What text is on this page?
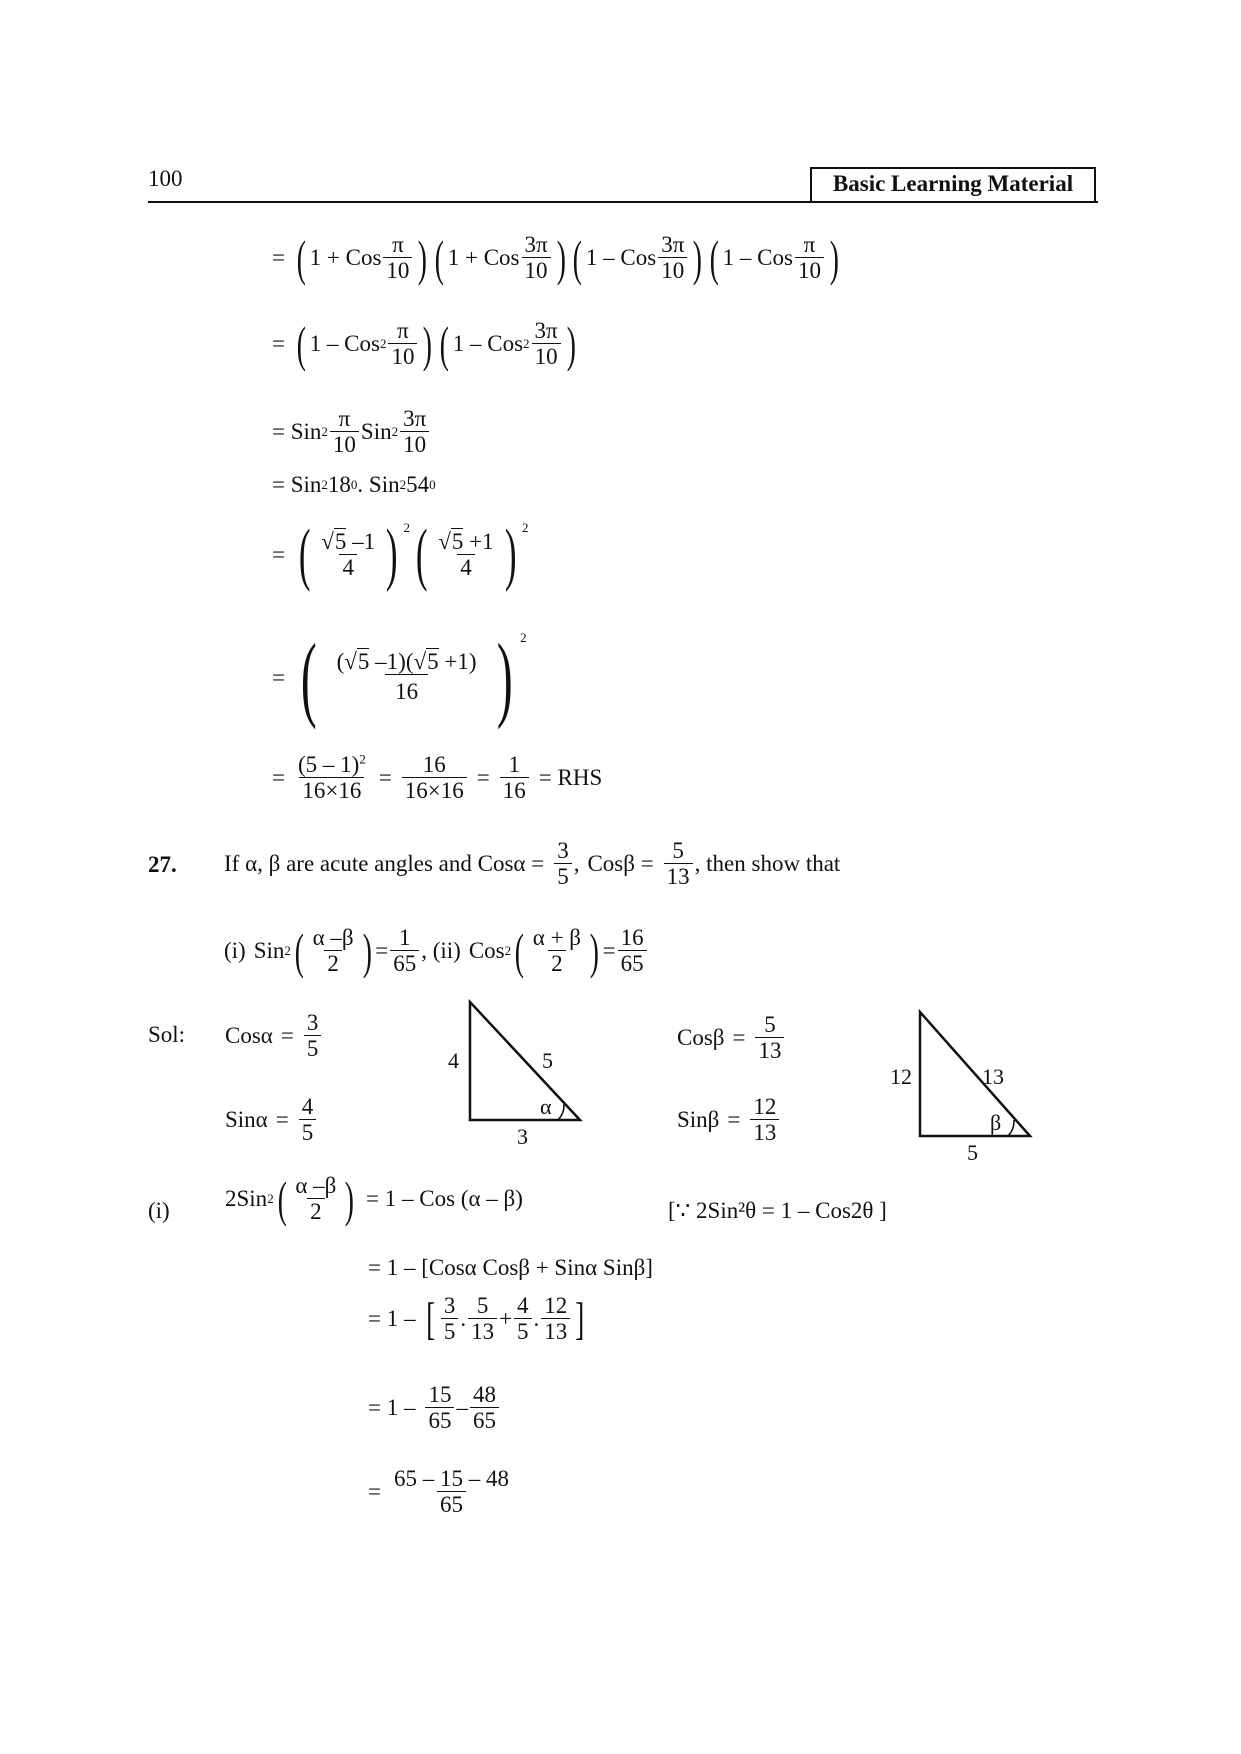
100	Basic Learning Material
= ( 1 + Cos $\frac{\pi}{10}$ ) ( 1 + Cos $\frac{3\pi}{10}$ ) ( 1 – Cos $\frac{3\pi}{10}$ ) ( 1 – Cos $\frac{\pi}{10}$ )
= ( 1 – Cos $2 \frac{\pi}{10}$ ) ( 1 – Cos $2 \frac{3\pi}{10}$ )
= Sin $2 \frac{\pi}{10}$ Sin $2 \frac{3\pi}{10}$
= Sin 2 18 0 . Sin 2 54 0
= ( $\frac{√5 -1}{4}$ ) $^2$ ( $\frac{√5 +1}{4}$ ) $^2$
= ( $\frac{(√5 -1)(√5 +1)}{16}$ ) $^2$
= $\frac{(5 - 1)^2}{16\times 16} = \frac{16}{16\times 16} = \frac{1}{16}$ = RHS
27. If α, β are acute angles and $Cos\alpha = \frac{3}{5}$ , $Cos\beta = \frac{5}{13}$ , then show that
(i) Sin 2 ( $\frac{\alpha -\beta}{2}$ ) = $\frac{1}{65}$ , (ii) Cos 2 ( $\frac{\alpha + \beta}{2}$ ) = $\frac{16}{65}$
Sol: $Cos\alpha = \frac{3}{5}$
$Sin\alpha = \frac{4}{5}$
4	5
3
α
$Cos\beta = \frac{5}{13}$
$Sin\beta = \frac{12}{13}$
12	13
5
β
(i) 2Sin 2 ( $\frac{\alpha -\beta}{2}$ ) = 1 – Cos (α – β)	[∵ 2Sin²θ = 1 – Cos2θ ]
= 1 – [Cosα Cosβ + Sinα Sinβ]
= 1 – [ $\frac{3}{5}$ . $\frac{5}{13} + \frac{4}{5}$ . $\frac{12}{13}$ ]
= $1 - \frac{15}{65} - \frac{48}{65}$
= $\frac{65 - 15 - 48}{65}$
